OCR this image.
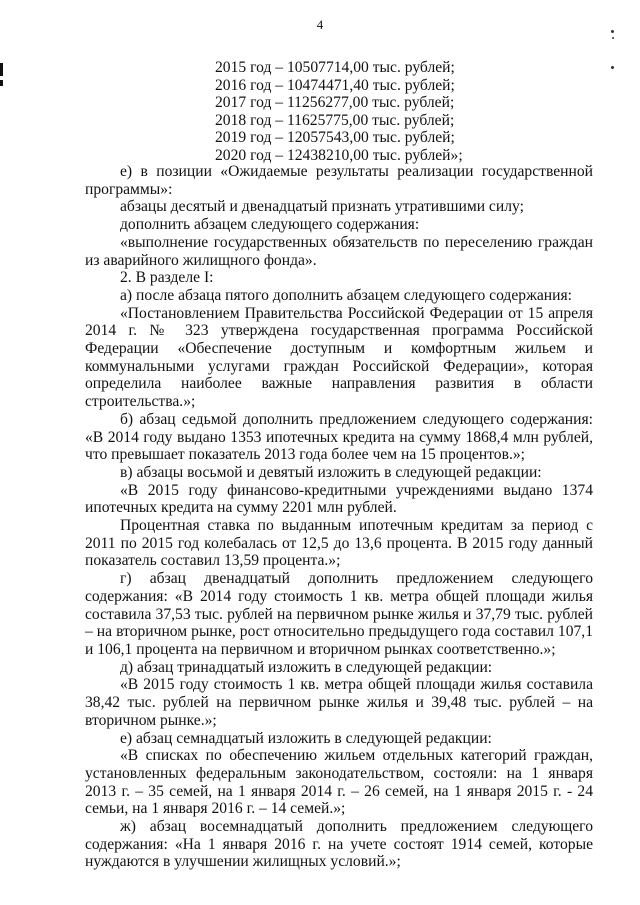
4
2015 год – 10507714,00 тыс. рублей;
2016 год – 10474471,40 тыс. рублей;
2017 год – 11256277,00 тыс. рублей;
2018 год – 11625775,00 тыс. рублей;
2019 год – 12057543,00 тыс. рублей;
2020 год – 12438210,00 тыс. рублей»;

е) в позиции «Ожидаемые результаты реализации государственной программы»:

абзацы десятый и двенадцатый признать утратившими силу;

дополнить абзацем следующего содержания:

«выполнение государственных обязательств по переселению граждан из аварийного жилищного фонда».

2. В разделе I:

а) после абзаца пятого дополнить абзацем следующего содержания:

«Постановлением Правительства Российской Федерации от 15 апреля 2014 г. № 323 утверждена государственная программа Российской Федерации «Обеспечение доступным и комфортным жильем и коммунальными услугами граждан Российской Федерации», которая определила наиболее важные направления развития в области строительства.»;

б) абзац седьмой дополнить предложением следующего содержания: «В 2014 году выдано 1353 ипотечных кредита на сумму 1868,4 млн рублей, что превышает показатель 2013 года более чем на 15 процентов.»;

в) абзацы восьмой и девятый изложить в следующей редакции:

«В 2015 году финансово-кредитными учреждениями выдано 1374 ипотечных кредита на сумму 2201 млн рублей.

Процентная ставка по выданным ипотечным кредитам за период с 2011 по 2015 год колебалась от 12,5 до 13,6 процента. В 2015 году данный показатель составил 13,59 процента.»;

г) абзац двенадцатый дополнить предложением следующего содержания: «В 2014 году стоимость 1 кв. метра общей площади жилья составила 37,53 тыс. рублей на первичном рынке жилья и 37,79 тыс. рублей – на вторичном рынке, рост относительно предыдущего года составил 107,1 и 106,1 процента на первичном и вторичном рынках соответственно.»;

д) абзац тринадцатый изложить в следующей редакции:

«В 2015 году стоимость 1 кв. метра общей площади жилья составила 38,42 тыс. рублей на первичном рынке жилья и 39,48 тыс. рублей – на вторичном рынке.»;

е) абзац семнадцатый изложить в следующей редакции:

«В списках по обеспечению жильем отдельных категорий граждан, установленных федеральным законодательством, состояли: на 1 января 2013 г. – 35 семей, на 1 января 2014 г. – 26 семей, на 1 января 2015 г. - 24 семьи, на 1 января 2016 г. – 14 семей.»;

ж) абзац восемнадцатый дополнить предложением следующего содержания: «На 1 января 2016 г. на учете состоят 1914 семей, которые нуждаются в улучшении жилищных условий.»;
